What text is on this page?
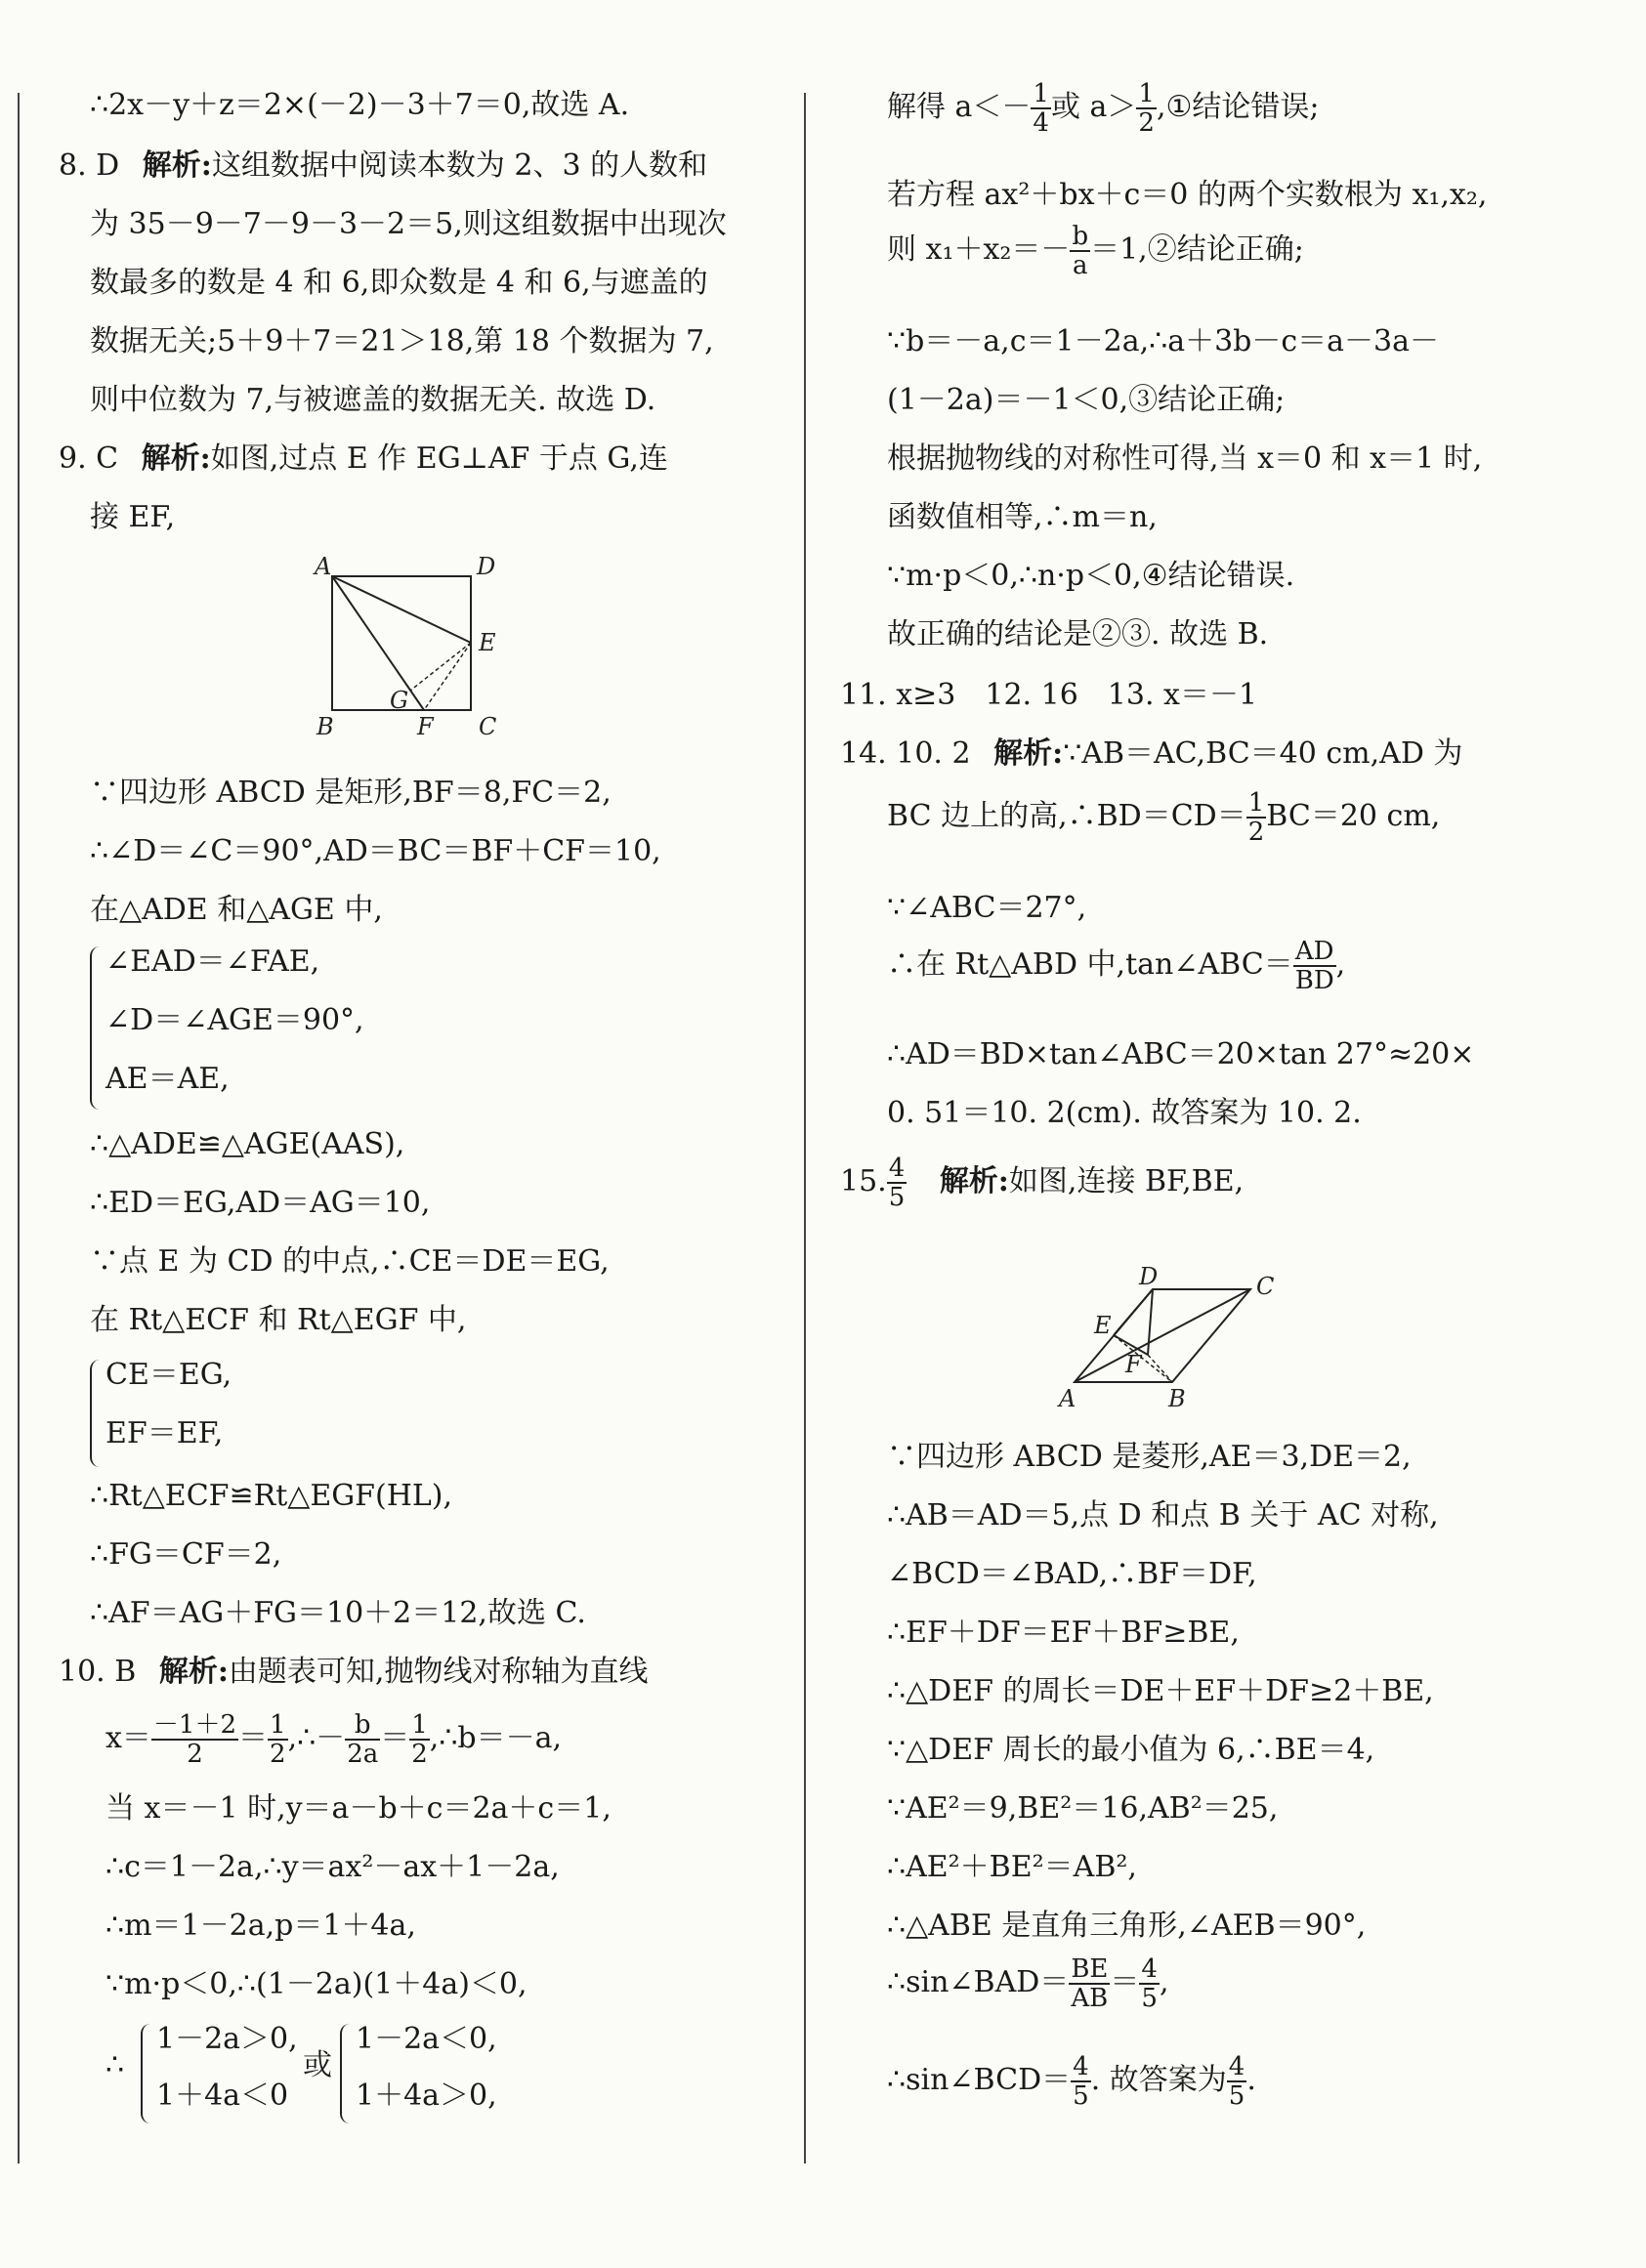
∴2x－y＋z＝2×(－2)－3＋7＝0,故选 A.
8. D 解析:这组数据中阅读本数为 2、3 的人数和
为 35－9－7－9－3－2＝5,则这组数据中出现次
数最多的数是 4 和 6,即众数是 4 和 6,与遮盖的
数据无关;5＋9＋7＝21＞18,第 18 个数据为 7,
则中位数为 7,与被遮盖的数据无关. 故选 D.
9. C 解析:如图,过点 E 作 EG⊥AF 于点 G,连
接 EF,
A	D
E
B	F C
G
∵四边形 ABCD 是矩形,BF＝8,FC＝2,
∴∠D＝∠C＝90°,AD＝BC＝BF＋CF＝10,
在△ADE 和△AGE 中,
∠EAD＝∠FAE,
∠D＝∠AGE＝90°,
AE＝AE,
∴△ADE≌△AGE(AAS),
∴ED＝EG,AD＝AG＝10,
∵点 E 为 CD 的中点,∴CE＝DE＝EG,
在 Rt△ECF 和 Rt△EGF 中,
CE＝EG,
EF＝EF,
∴Rt△ECF≌Rt△EGF(HL),
∴FG＝CF＝2,
∴AF＝AG＋FG＝10＋2＝12,故选 C.
10. B 解析:由题表可知,抛物线对称轴为直线
$x= \frac{-1+2}{2} = \frac{1}{2}$ ,∴－ $\frac{b}{2a} = \frac{1}{2}$ ,∴b＝－a,
当 x＝－1 时,y＝a－b＋c＝2a＋c＝1,
∴c＝1－2a,∴y＝ax²－ax＋1－2a,
∴m＝1－2a,p＝1＋4a,
∵m·p＜0,∴(1－2a)(1＋4a)＜0,
∴
1－2a＞0,
1＋4a＜0
或
1－2a＜0,
1＋4a＞0,
解得 $a<- \frac{1}{4}$ 或 $a> \frac{1}{2}$ ,①结论错误;
若方程 ax²＋bx＋c＝0 的两个实数根为 x₁,x₂,
则 $x_1+x_2=- \frac{b}{a}$ ＝1,②结论正确;
∵b＝－a,c＝1－2a,∴a＋3b－c＝a－3a－
(1－2a)＝－1＜0,③结论正确;
根据抛物线的对称性可得,当 x＝0 和 x＝1 时,
函数值相等,∴m＝n,
∵m·p＜0,∴n·p＜0,④结论错误.
故正确的结论是②③. 故选 B.
11. x≥3　12. 16　13. x＝－1
14. 10. 2 解析:∵AB＝AC,BC＝40 cm,AD 为
BC 边上的高,∴BD＝CD＝ $\frac{1}{2} BC=20$ cm,
∵∠ABC＝27°,
∴在 Rt△ABD 中,tan∠ABC＝ $\frac{AD}{BD}$ ,
∴AD＝BD×tan∠ABC＝20×tan 27°≈20×
0. 51＝10. 2(cm). 故答案为 10. 2.
15. $\frac{4}{5}$ 解析:如图,连接 BF,BE,
A	B
C
D
E
F
∵四边形 ABCD 是菱形,AE＝3,DE＝2,
∴AB＝AD＝5,点 D 和点 B 关于 AC 对称,
∠BCD＝∠BAD,∴BF＝DF,
∴EF＋DF＝EF＋BF≥BE,
∴△DEF 的周长＝DE＋EF＋DF≥2＋BE,
∵△DEF 周长的最小值为 6,∴BE＝4,
∵AE²＝9,BE²＝16,AB²＝25,
∴AE²＋BE²＝AB²,
∴△ABE 是直角三角形,∠AEB＝90°,
∴sin∠BAD＝ $\frac{BE}{AB} = \frac{4}{5}$ ,
∴sin∠BCD＝ $\frac{4}{5}$ . 故答案为 $\frac{4}{5}$ .
